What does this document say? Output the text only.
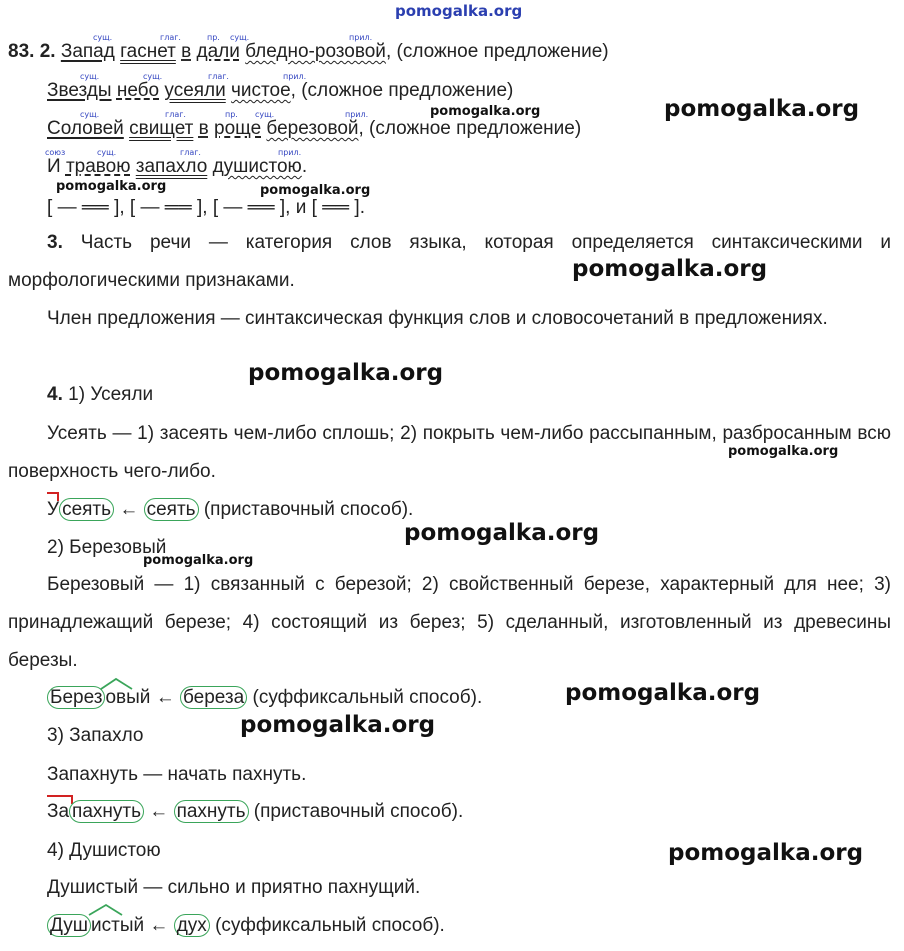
pomogalka.org
сущ.	глаг.	пр. сущ.	прил.
83. 2. Запад гаснет в дали бледно-розовой, (сложное предложение)
сущ.	сущ.	глаг.	прил.
Звезды небо усеяли чистое, (сложное предложение)
сущ.	глаг.	пр. сущ.	прил.
Соловей свищет в роще березовой, (сложное предложение)
союз	сущ.	глаг.	прил.
И травою запахло душистою.
[ — ══ ], [ — ══ ], [ — ══ ], и [ ══ ].
3. Часть речи — категория слов языка, которая определяется синтаксическими и морфологическими признаками.
Член предложения — синтаксическая функция слов и словосочетаний в предложениях.
4. 1) Усеяли
Усеять — 1) засеять чем-либо сплошь; 2) покрыть чем-либо рассыпанным, разбросанным всю поверхность чего-либо.
У сеять ← сеять (приставочный способ).
2) Березовый
Березовый — 1) связанный с березой; 2) свойственный березе, характерный для нее; 3) принадлежащий березе; 4) состоящий из берез; 5) сделанный, изготовленный из древесины березы.
Берез овый ← береза (суффиксальный способ).
3) Запахло
Запахнуть — начать пахнуть.
За пахнуть ← пахнуть (приставочный способ).
4) Душистою
Душистый — сильно и приятно пахнущий.
Душ истый ← дух (суффиксальный способ).
pomogalka.org	pomogalka.org
pomogalka.org	pomogalka.org
pomogalka.org
pomogalka.org
pomogalka.org
pomogalka.org
pomogalka.org
pomogalka.org
pomogalka.org
pomogalka.org
